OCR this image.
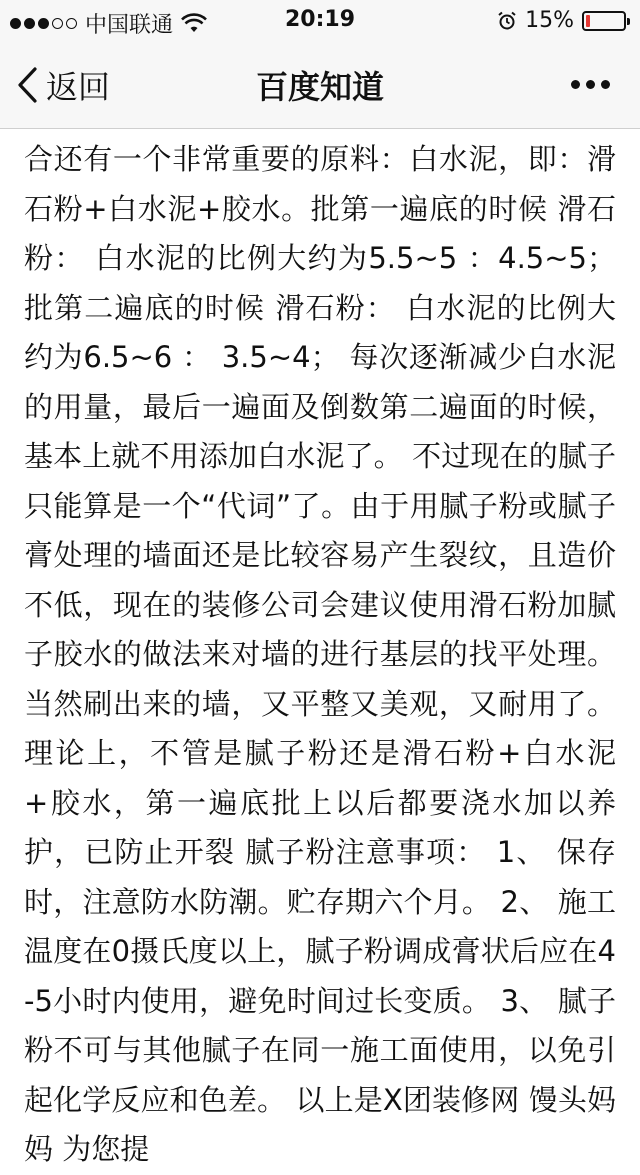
中国联通	20:19	15%
返回	百度知道

合还有一个非常重要的原料：白水泥，即：滑石粉+白水泥+胶水。批第一遍底的时候 滑石粉： 白水泥的比例大约为5.5~5 ：4.5~5； 批第二遍底的时候 滑石粉： 白水泥的比例大约为6.5~6 ： 3.5~4； 每次逐渐减少白水泥的用量，最后一遍面及倒数第二遍面的时候，基本上就不用添加白水泥了。 不过现在的腻子只能算是一个“代词”了。由于用腻子粉或腻子膏处理的墙面还是比较容易产生裂纹，且造价不低，现在的装修公司会建议使用滑石粉加腻子胶水的做法来对墙的进行基层的找平处理。当然刷出来的墙，又平整又美观，又耐用了。 理论上，不管是腻子粉还是滑石粉+白水泥+胶水，第一遍底批上以后都要浇水加以养护，已防止开裂 腻子粉注意事项： 1、 保存时，注意防水防潮。贮存期六个月。 2、 施工温度在0摄氏度以上，腻子粉调成膏状后应在4-5小时内使用，避免时间过长变质。 3、 腻子粉不可与其他腻子在同一施工面使用，以免引起化学反应和色差。 以上是X团装修网 馒头妈妈 为您提
